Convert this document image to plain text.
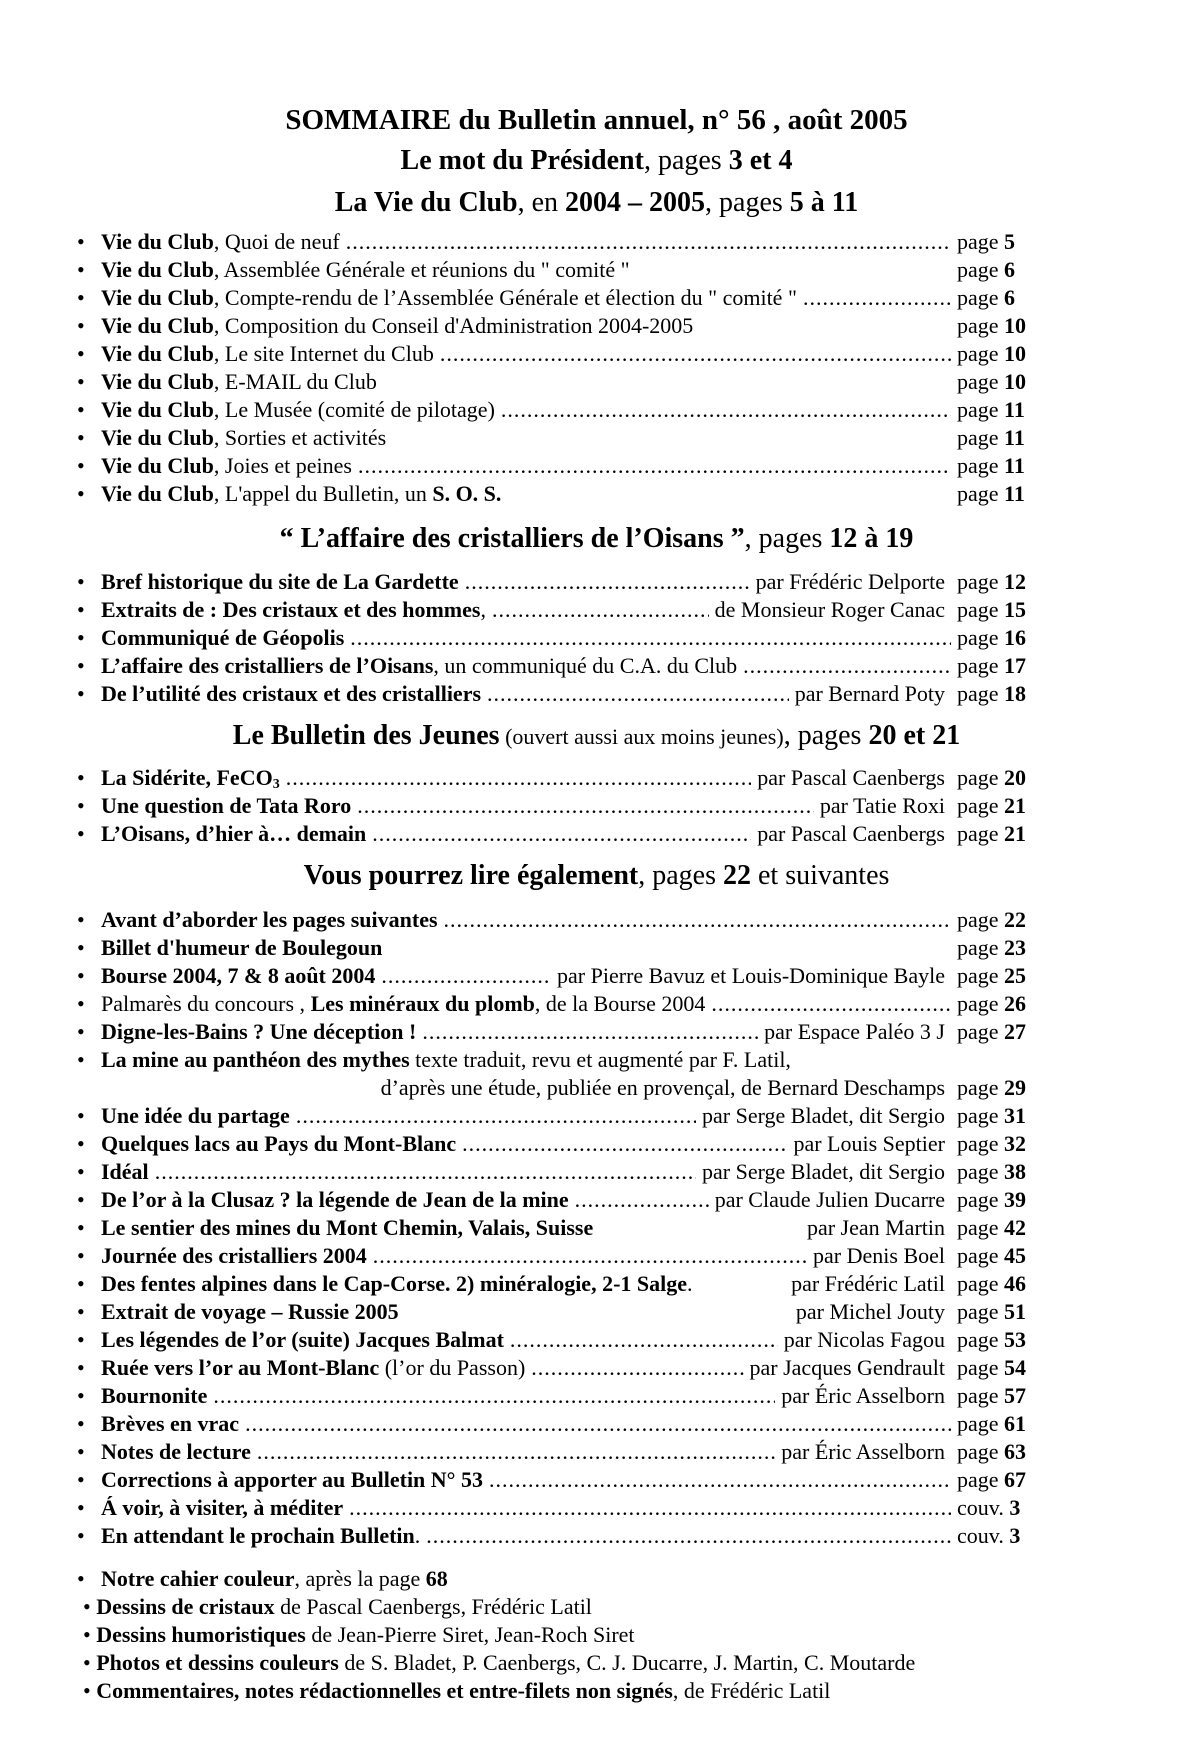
SOMMAIRE du Bulletin annuel, n° 56 , août 2005

Le mot du Président, pages 3 et 4

La Vie du Club, en 2004 – 2005, pages 5 à 11

• Vie du Club, Quoi de neuf .....	page 5
• Vie du Club, Assemblée Générale et réunions du " comité "	page 6
• Vie du Club, Compte-rendu de l’Assemblée Générale et élection du " comité " .....	page 6
• Vie du Club, Composition du Conseil d'Administration 2004-2005	page 10
• Vie du Club, Le site Internet du Club .....	page 10
• Vie du Club, E-MAIL du Club	page 10
• Vie du Club, Le Musée (comité de pilotage) .....	page 11
• Vie du Club, Sorties et activités	page 11
• Vie du Club, Joies et peines .....	page 11
• Vie du Club, L'appel du Bulletin, un S. O. S.	page 11

“ L’affaire des cristalliers de l’Oisans ”, pages 12 à 19

• Bref historique du site de La Gardette .....	par Frédéric Delporte page 12
• Extraits de : Des cristaux et des hommes, .....	de Monsieur Roger Canac page 15
• Communiqué de Géopolis .....	page 16
• L’affaire des cristalliers de l’Oisans, un communiqué du C.A. du Club .....	page 17
• De l’utilité des cristaux et des cristalliers .....	par Bernard Poty page 18

Le Bulletin des Jeunes (ouvert aussi aux moins jeunes), pages 20 et 21

• La Sidérite, FeCO$_3$ .....	par Pascal Caenbergs page 20
• Une question de Tata Roro .....	par Tatie Roxi page 21
• L’Oisans, d’hier à… demain .....	par Pascal Caenbergs page 21

Vous pourrez lire également, pages 22 et suivantes

• Avant d’aborder les pages suivantes .....	page 22
• Billet d'humeur de Boulegoun	page 23
• Bourse 2004, 7 & 8 août 2004 .....	par Pierre Bavuz et Louis-Dominique Bayle page 25
• Palmarès du concours , Les minéraux du plomb, de la Bourse 2004 .....	page 26
• Digne-les-Bains ? Une déception ! .....	par Espace Paléo 3 J page 27
• La mine au panthéon des mythes texte traduit, revu et augmenté par F. Latil,
d’après une étude, publiée en provençal, de Bernard Deschamps page 29
• Une idée du partage .....	par Serge Bladet, dit Sergio page 31
• Quelques lacs au Pays du Mont-Blanc .....	par Louis Septier page 32
• Idéal .....	par Serge Bladet, dit Sergio page 38
• De l’or à la Clusaz ? la légende de Jean de la mine .....	par Claude Julien Ducarre page 39
• Le sentier des mines du Mont Chemin, Valais, Suisse	par Jean Martin page 42
• Journée des cristalliers 2004 .....	par Denis Boel page 45
• Des fentes alpines dans le Cap-Corse. 2) minéralogie, 2-1 Salge.	par Frédéric Latil page 46
• Extrait de voyage – Russie 2005	par Michel Jouty page 51
• Les légendes de l’or (suite) Jacques Balmat .....	par Nicolas Fagou page 53
• Ruée vers l’or au Mont-Blanc (l’or du Passon) .....	par Jacques Gendrault page 54
• Bournonite .....	par Éric Asselborn page 57
• Brèves en vrac .....	page 61
• Notes de lecture .....	par Éric Asselborn page 63
• Corrections à apporter au Bulletin N° 53 .....	page 67
• Á voir, à visiter, à méditer .....	couv. 3
• En attendant le prochain Bulletin. .....	couv. 3
• Notre cahier couleur, après la page 68
• Dessins de cristaux de Pascal Caenbergs, Frédéric Latil
• Dessins humoristiques de Jean-Pierre Siret, Jean-Roch Siret
• Photos et dessins couleurs de S. Bladet, P. Caenbergs, C. J. Ducarre, J. Martin, C. Moutarde
• Commentaires, notes rédactionnelles et entre-filets non signés, de Frédéric Latil
